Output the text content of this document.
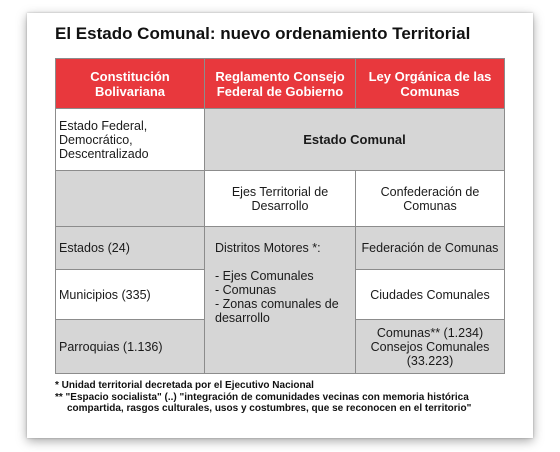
El Estado Comunal: nuevo ordenamiento Territorial
Constitución Bolivariana
Reglamento Consejo Federal de Gobierno
Ley Orgánica de las Comunas
Estado Federal, Democrático, Descentralizado
Estado Comunal
Ejes Territorial de Desarrollo
Confederación de Comunas
Estados (24)	Federación de Comunas
Distritos Motores *:
- Ejes Comunales
- Comunas
- Zonas comunales de desarrollo
Municipios (335)	Ciudades Comunales
Parroquias (1.136)
Comunas** (1.234) Consejos Comunales (33.223)
* Unidad territorial decretada por el Ejecutivo Nacional
** "Espacio socialista" (..) "integración de comunidades vecinas con memoria histórica
compartida, rasgos culturales, usos y costumbres, que se reconocen en el territorio"
